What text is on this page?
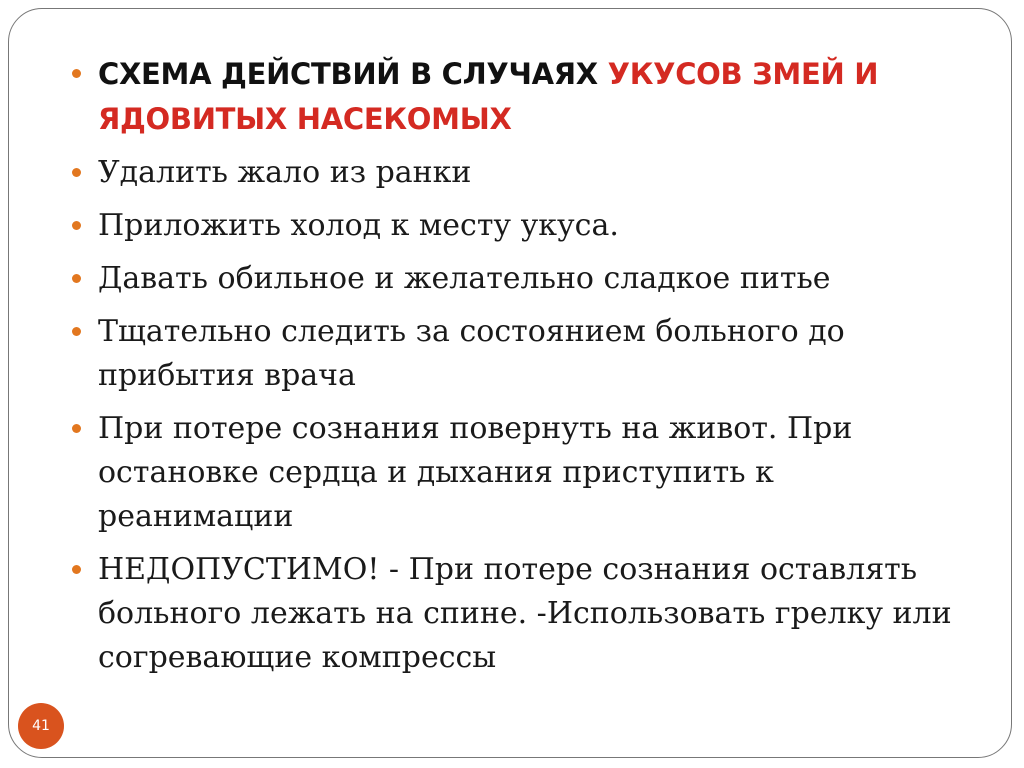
СХЕМА ДЕЙСТВИЙ В СЛУЧАЯХ УКУСОВ ЗМЕЙ И ЯДОВИТЫХ НАСЕКОМЫХ
Удалить жало из ранки
Приложить холод к месту укуса.
Давать обильное и желательно сладкое питье
Тщательно следить за состоянием больного до прибытия врача
При потере сознания повернуть на живот. При остановке сердца и дыхания приступить к реанимации
НЕДОПУСТИМО! - При потере сознания оставлять больного лежать на спине. -Использовать грелку или согревающие компрессы
41
